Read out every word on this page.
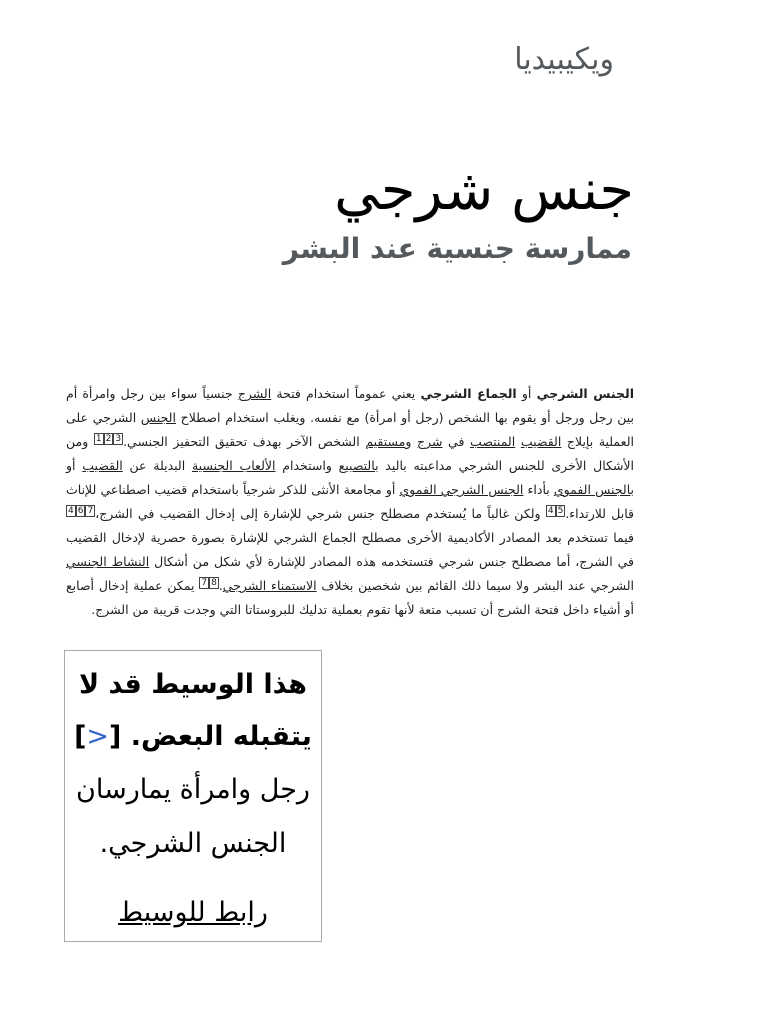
ويكيبيديا
جنس شرجي
ممارسة جنسية عند البشر

الجنس الشرجي أو الجماع الشرجي يعني عموماً استخدام فتحة الشرج جنسياً سواء بين رجل وامرأة أم بين رجل ورجل أو يقوم بها الشخص (رجل أو امرأة) مع نفسه. ويغلب استخدام اصطلاح الجنس الشرجي على العملية بإيلاج القضيب المنتصب في شرج ومستقيم الشخص الآخر بهدف تحقيق التحفيز الجنسي.$^1$ $^2$ $^3$ ومن الأشكال الأخرى للجنس الشرجي مداعبته باليد بالتصبيع واستخدام الألعاب الجنسية البديلة عن القضيب أو بالجنس الفموي بأداء الجنس الشرجي الفموي أو مجامعة الأنثى للذكر شرجياً باستخدام قضيب اصطناعي للإناث قابل للارتداء.$^4$ $^5$ ولكن غالباً ما يُستخدم مصطلح جنس شرجي للإشارة إلى إدخال القضيب في الشرج،$^4$ $^6$ $^7$ فيما تستخدم بعد المصادر الأكاديمية الأخرى مصطلح الجماع الشرجي للإشارة بصورة حصرية لإدخال القضيب في الشرج، أما مصطلح جنس شرجي فتستخدمه هذه المصادر للإشارة لأي شكل من أشكال النشاط الجنسي الشرجي عند البشر ولا سيما ذلك القائم بين شخصين بخلاف الاستمناء الشرجي.$^7$ $^8$ يمكن عملية إدخال أصابع أو أشياء داخل فتحة الشرج أن تسبب متعة لأنها تقوم بعملية تدليك للبروستاتا التي وجدت قريبة من الشرج.

هذا الوسيط قد لا يتقبله البعض. [<]

رجل وامرأة يمارسان الجنس الشرجي.

رابط للوسيط
